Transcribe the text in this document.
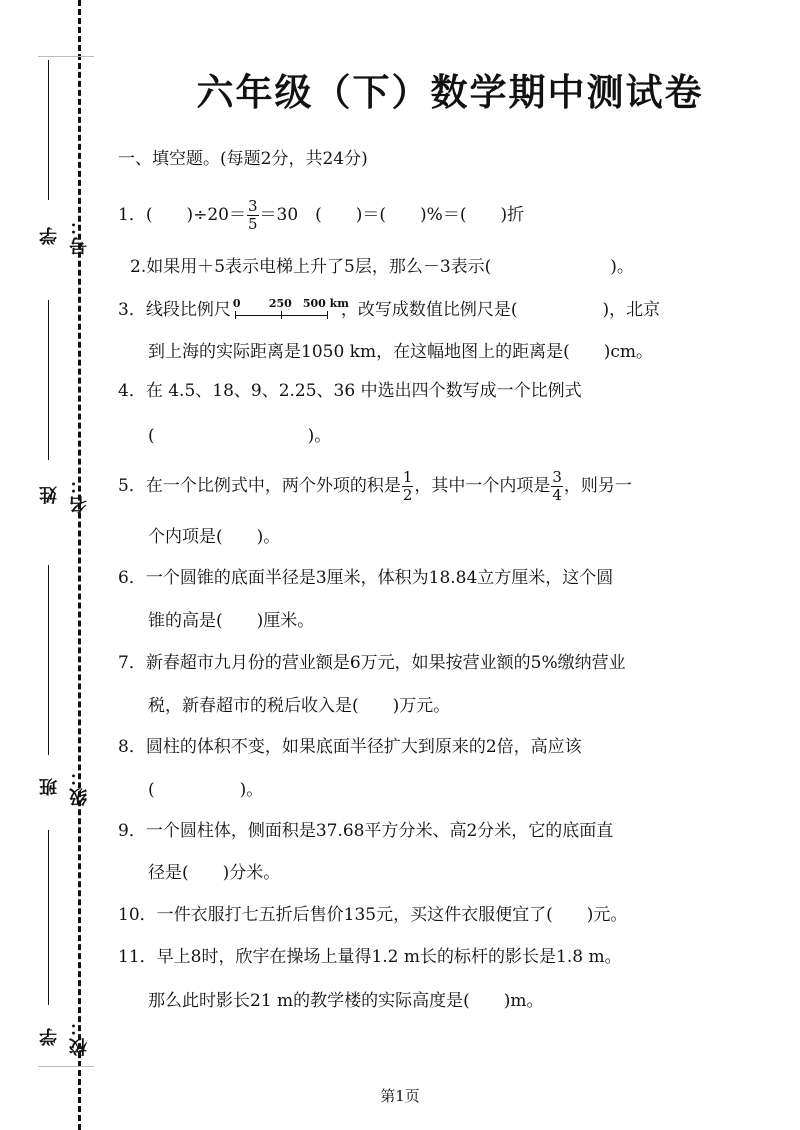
学号：
姓名：
班级：
学校：
六年级（下）数学期中测试卷
一、填空题。(每题2分，共24分)
1．(　　)$\div 20= \frac{3}{5} =30$　(　　)＝(　　)%＝(　　)折
2.如果用＋5表示电梯上升了5层，那么－3表示(　　　　　　　)。
3．线段比例尺 0	250 500 km
，改写成数值比例尺是(　　　　　)，北京
到上海的实际距离是1050 km，在这幅地图上的距离是(　　)cm。
4．在 4.5、18、9、2.25、36 中选出四个数写成一个比例式
(　　　　　　　　　)。
5．在一个比例式中，两个外项的积是 $\frac{1}{2}$ ，其中一个内项是 $\frac{3}{4}$ ，则另一
个内项是(　　)。
6．一个圆锥的底面半径是3厘米，体积为18.84立方厘米，这个圆
锥的高是(　　)厘米。
7．新春超市九月份的营业额是6万元，如果按营业额的5%缴纳营业
税，新春超市的税后收入是(　　)万元。
8．圆柱的体积不变，如果底面半径扩大到原来的2倍，高应该
(　　　　　)。
9．一个圆柱体，侧面积是37.68平方分米、高2分米，它的底面直
径是(　　)分米。
10．一件衣服打七五折后售价135元，买这件衣服便宜了(　　)元。
11．早上8时，欣宇在操场上量得1.2 m长的标杆的影长是1.8 m。
那么此时影长21 m的教学楼的实际高度是(　　)m。
第1页
